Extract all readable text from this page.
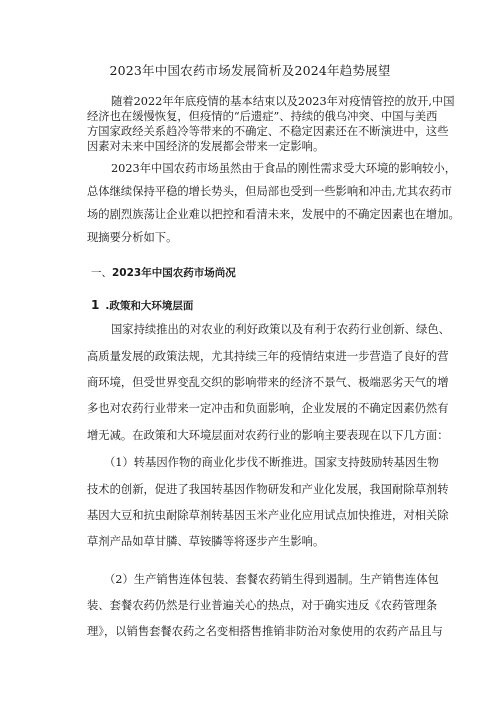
2023年中国农药市场发展简析及2024年趋势展望
随着2022年年底疫情的基本结束以及2023年对疫情管控的放开,中国
经济也在缓慢恢复，但疫情的“后遗症”、持续的俄乌冲突、中国与美西
方国家政经关系趋冷等带来的不确定、不稳定因素还在不断演进中，这些
因素对未来中国经济的发展都会带来一定影响。
2023年中国农药市场虽然由于食品的刚性需求受大环境的影响较小，
总体继续保持平稳的增长势头，但局部也受到一些影响和冲击,尤其农药市
场的剧烈族荡让企业难以把控和看清未来，发展中的不确定因素也在增加。
现摘要分析如下。
一、2023年中国农药市场尚况
1 .政策和大环境层面
国家持续推出的对农业的利好政策以及有利于农药行业创新、绿色、
高质量发展的政策法规，尤其持续三年的疫情结束进一步营造了良好的营
商环境，但受世界变乱交织的影响带来的经济不景气、极端恶劣天气的增
多也对农药行业带来一定冲击和负面影响，企业发展的不确定因素仍然有
增无减。在政策和大环境层面对农药行业的影响主要表现在以下几方面：
（1）转基因作物的商业化步伐不断推进。国家支持鼓励转基因生物
技术的创新，促进了我国转基因作物研发和产业化发展，我国耐除草剂转
基因大豆和抗虫耐除草剂转基因玉米产业化应用试点加快推进，对相关除
草剂产品如草甘膦、草铵膦等将逐步产生影响。
（2）生产销售连体包装、套餐农药销生得到遏制。生产销售连体包
装、套餐农药仍然是行业普遍关心的热点，对于确实违反《农药管理条
理》，以销售套餐农药之名变相搭售推销非防治对象使用的农药产品且与
